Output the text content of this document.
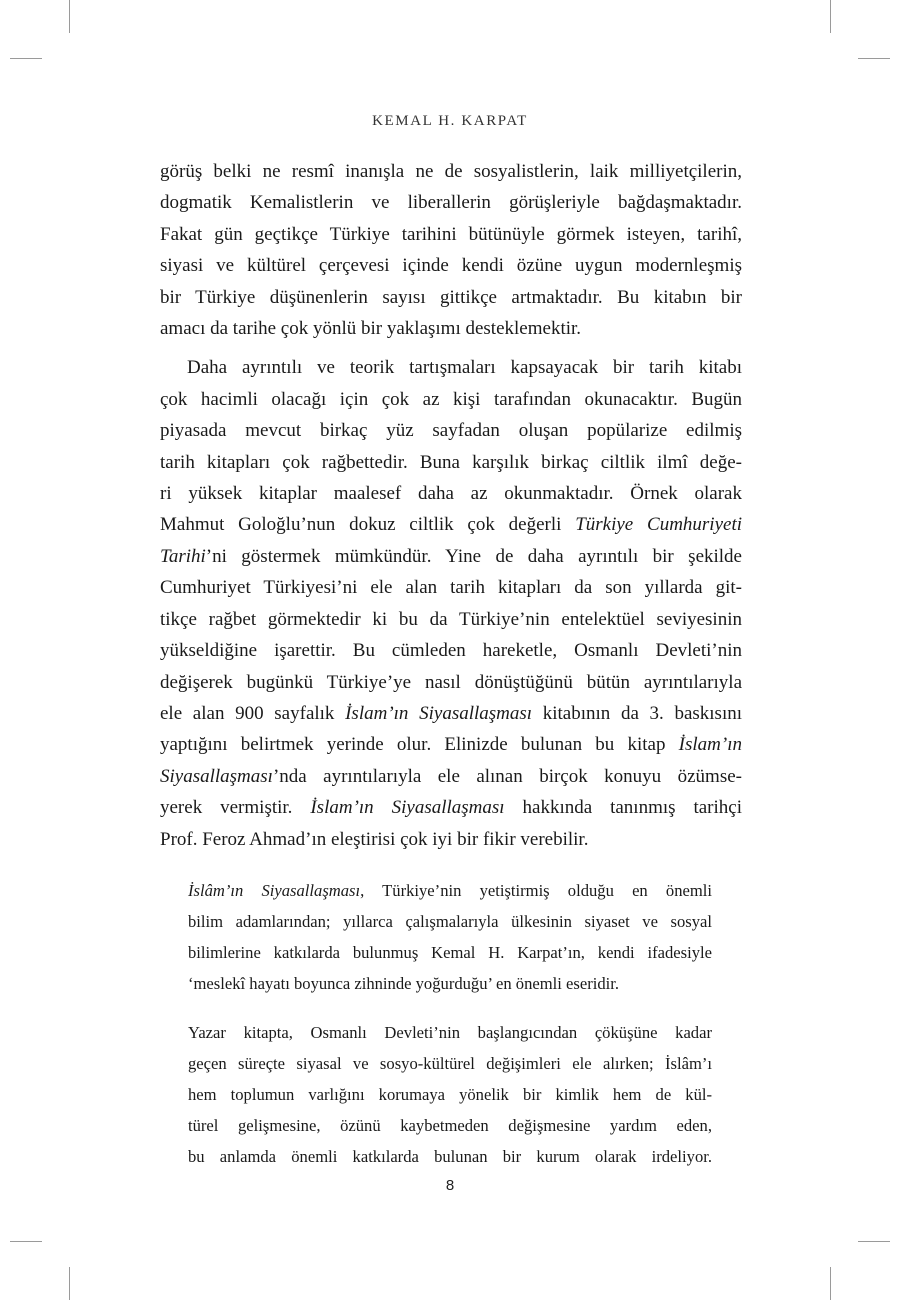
KEMAL H. KARPAT

görüş belki ne resmî inanışla ne de sosyalistlerin, laik milliyetçilerin,
dogmatik Kemalistlerin ve liberallerin görüşleriyle bağdaşmaktadır.
Fakat gün geçtikçe Türkiye tarihini bütünüyle görmek isteyen, tarihî,
siyasi ve kültürel çerçevesi içinde kendi özüne uygun modernleşmiş
bir Türkiye düşünenlerin sayısı gittikçe artmaktadır. Bu kitabın bir
amacı da tarihe çok yönlü bir yaklaşımı desteklemektir.

Daha ayrıntılı ve teorik tartışmaları kapsayacak bir tarih kitabı
çok hacimli olacağı için çok az kişi tarafından okunacaktır. Bugün
piyasada mevcut birkaç yüz sayfadan oluşan popülarize edilmiş
tarih kitapları çok rağbettedir. Buna karşılık birkaç ciltlik ilmî değe-
ri yüksek kitaplar maalesef daha az okunmaktadır. Örnek olarak
Mahmut Goloğlu’nun dokuz ciltlik çok değerli Türkiye Cumhuriyeti
Tarihi’ni göstermek mümkündür. Yine de daha ayrıntılı bir şekilde
Cumhuriyet Türkiyesi’ni ele alan tarih kitapları da son yıllarda git-
tikçe rağbet görmektedir ki bu da Türkiye’nin entelektüel seviyesinin
yükseldiğine işarettir. Bu cümleden hareketle, Osmanlı Devleti’nin
değişerek bugünkü Türkiye’ye nasıl dönüştüğünü bütün ayrıntılarıyla
ele alan 900 sayfalık İslam’ın Siyasallaşması kitabının da 3. baskısını
yaptığını belirtmek yerinde olur. Elinizde bulunan bu kitap İslam’ın
Siyasallaşması’nda ayrıntılarıyla ele alınan birçok konuyu özümse-
yerek vermiştir. İslam’ın Siyasallaşması hakkında tanınmış tarihçi
Prof. Feroz Ahmad’ın eleştirisi çok iyi bir fikir verebilir.

İslâm’ın Siyasallaşması, Türkiye’nin yetiştirmiş olduğu en önemli
bilim adamlarından; yıllarca çalışmalarıyla ülkesinin siyaset ve sosyal
bilimlerine katkılarda bulunmuş Kemal H. Karpat’ın, kendi ifadesiyle
‘meslekî hayatı boyunca zihninde yoğurduğu’ en önemli eseridir.
Yazar kitapta, Osmanlı Devleti’nin başlangıcından çöküşüne kadar
geçen süreçte siyasal ve sosyo-kültürel değişimleri ele alırken; İslâm’ı
hem toplumun varlığını korumaya yönelik bir kimlik hem de kül-
türel gelişmesine, özünü kaybetmeden değişmesine yardım eden,
bu anlamda önemli katkılarda bulunan bir kurum olarak irdeliyor.
8
